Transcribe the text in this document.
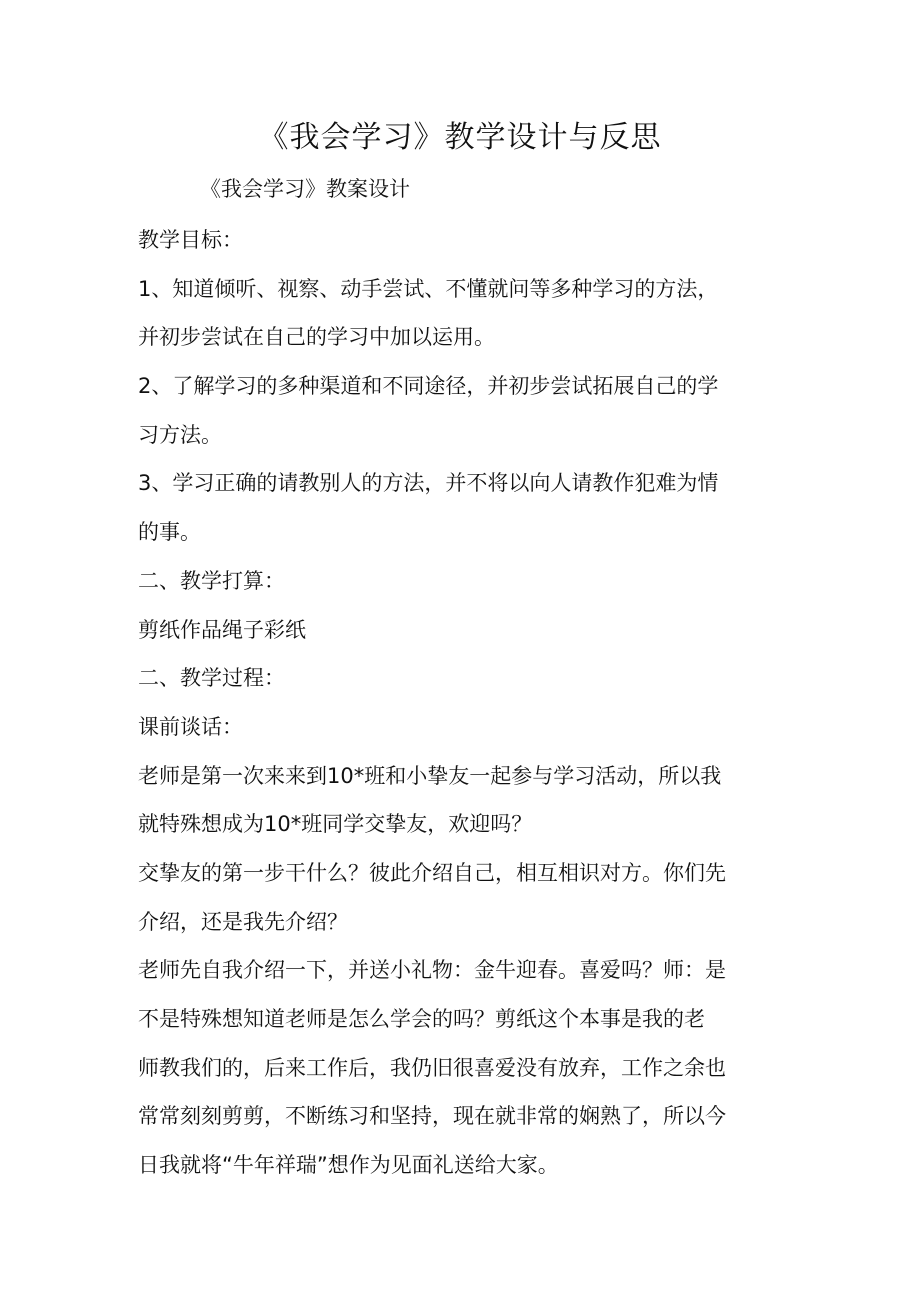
《我会学习》教学设计与反思
《我会学习》教案设计
教学目标：
1、知道倾听、视察、动手尝试、不懂就问等多种学习的方法，
并初步尝试在自己的学习中加以运用。
2、了解学习的多种渠道和不同途径，并初步尝试拓展自己的学
习方法。
3、学习正确的请教别人的方法，并不将以向人请教作犯难为情
的事。
二、教学打算：
剪纸作品绳子彩纸
二、教学过程：
课前谈话：
老师是第一次来来到10*班和小挚友一起参与学习活动，所以我
就特殊想成为10*班同学交挚友，欢迎吗？
交挚友的第一步干什么？彼此介绍自己，相互相识对方。你们先
介绍，还是我先介绍？
老师先自我介绍一下，并送小礼物：金牛迎春。喜爱吗？师：是
不是特殊想知道老师是怎么学会的吗？剪纸这个本事是我的老
师教我们的，后来工作后，我仍旧很喜爱没有放弃，工作之余也
常常刻刻剪剪，不断练习和坚持，现在就非常的娴熟了，所以今
日我就将“牛年祥瑞”想作为见面礼送给大家。
